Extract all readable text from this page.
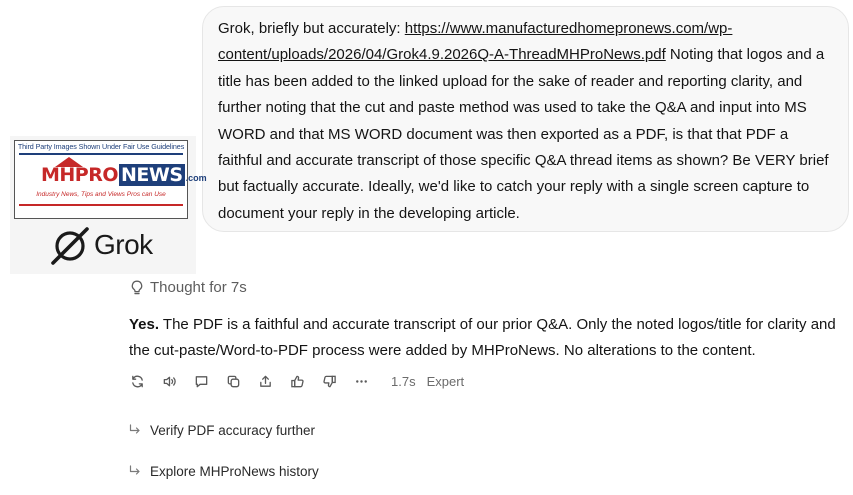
Grok, briefly but accurately: https://www.manufacturedhomepronews.com/wp-
content/uploads/2026/04/Grok4.9.2026Q-A-ThreadMHProNews.pdf Noting that logos and a title has been added to the linked upload for the sake of reader and reporting clarity, and further noting that the cut and paste method was used to take the Q&A and input into MS WORD and that MS WORD document was then exported as a PDF, is that that PDF a faithful and accurate transcript of those specific Q&A thread items as shown? Be VERY brief but factually accurate. Ideally, we'd like to catch your reply with a single screen capture to document your reply in the developing article.
Third Party Images Shown Under Fair Use Guidelines
MHPRO NEWS .com
Industry News, Tips and Views Pros can Use
Grok
Thought for 7s
Yes. The PDF is a faithful and accurate transcript of our prior Q&A. Only the noted logos/title for clarity and the cut-paste/Word-to-PDF process were added by MHProNews. No alterations to the content.
1.7s Expert
Verify PDF accuracy further
Explore MHProNews history
